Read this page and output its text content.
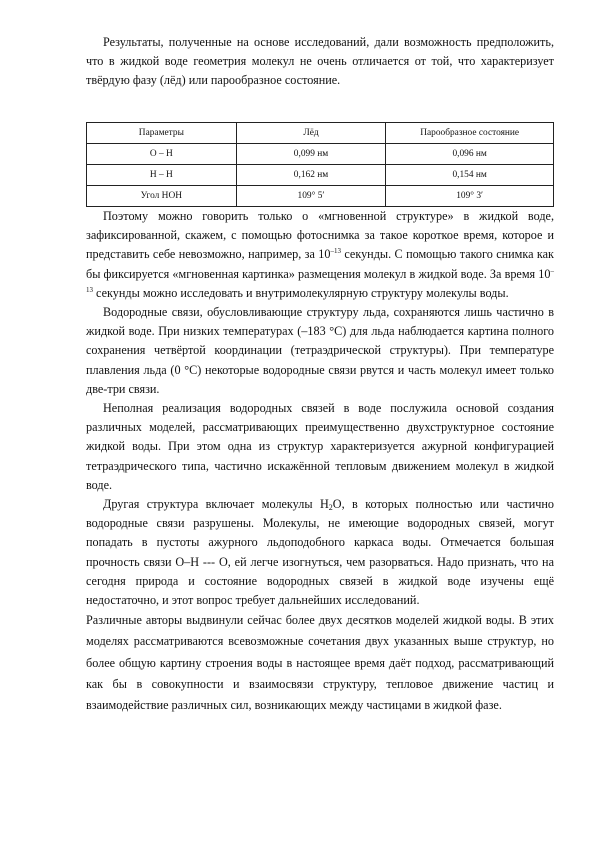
Результаты, полученные на основе исследований, дали возможность предположить, что в жидкой воде геометрия молекул не очень отличается от той, что характеризует твёрдую фазу (лёд) или парообразное состояние.

Параметры	Лёд	Парообразное состояние
О – Н	0,099 нм	0,096 нм
Н – Н	0,162 нм	0,154 нм
Угол НОН	109° 5′	109° 3′

Поэтому можно говорить только о «мгновенной структуре» в жидкой воде, зафиксированной, скажем, с помощью фотоснимка за такое короткое время, которое и представить себе невозможно, например, за $10^{-13}$ секунды. С помощью такого снимка как бы фиксируется «мгновенная картинка» размещения молекул в жидкой воде. За время $10^{-13}$ секунды можно исследовать и внутримолекулярную структуру молекулы воды.

Водородные связи, обусловливающие структуру льда, сохраняются лишь частично в жидкой воде. При низких температурах (–183 °С) для льда наблюдается картина полного сохранения четвёртой координации (тетраэдрической структуры). При температуре плавления льда (0 °С) некоторые водородные связи рвутся и часть молекул имеет только две-три связи.

Неполная реализация водородных связей в воде послужила основой создания различных моделей, рассматривающих преимущественно двухструктурное состояние жидкой воды. При этом одна из структур характеризуется ажурной конфигурацией тетраэдрического типа, частично искажённой тепловым движением молекул в жидкой воде.

Другая структура включает молекулы $Н_2О$, в которых полностью или частично водородные связи разрушены. Молекулы, не имеющие водородных связей, могут попадать в пустоты ажурного льдоподобного каркаса воды. Отмечается большая прочность связи О–Н --- О, ей легче изогнуться, чем разорваться. Надо признать, что на сегодня природа и состояние водородных связей в жидкой воде изучены ещё недостаточно, и этот вопрос требует дальнейших исследований.

Различные авторы выдвинули сейчас более двух десятков моделей жидкой воды. В этих моделях рассматриваются всевозможные сочетания двух указанных выше структур, но более общую картину строения воды в настоящее время даёт подход, рассматривающий как бы в совокупности и взаимосвязи структуру, тепловое движение частиц и взаимодействие различных сил, возникающих между частицами в жидкой фазе.
